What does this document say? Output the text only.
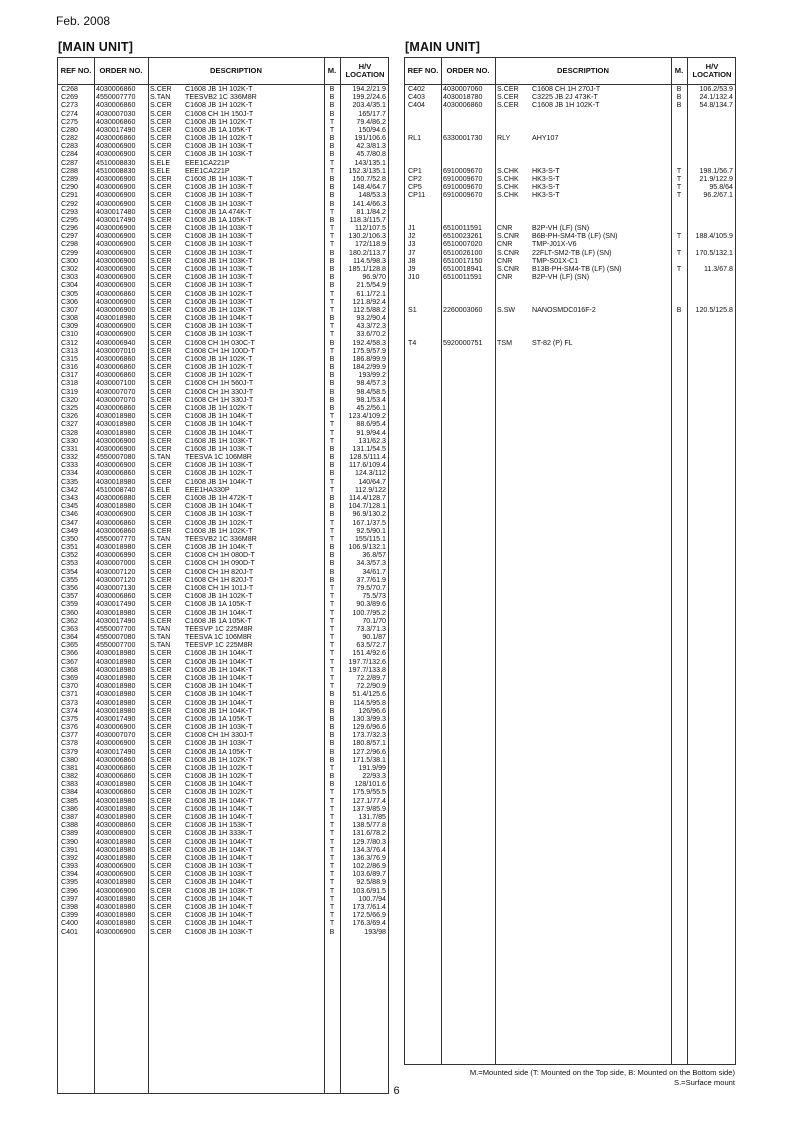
Feb. 2008
[MAIN UNIT]	[MAIN UNIT]
REF NO.	ORDER NO.	DESCRIPTION	M.	H/V LOCATION
C268	4030006860	S.CER	C1608 JB 1H 102K-T	B	194.2/21.9
C269	4550007770	S.TAN	TEESVB2 1C 336M8R	B	199.2/24.6
C273	4030006860	S.CER	C1608 JB 1H 102K-T	B	203.4/35.1
C274	4030007030	S.CER	C1608 CH 1H 150J-T	B	165/17.7
C275	4030006860	S.CER	C1608 JB 1H 102K-T	T	79.4/86.2
C280	4030017490	S.CER	C1608 JB 1A 105K-T	T	150/94.6
C282	4030006860	S.CER	C1608 JB 1H 102K-T	B	191/106.6
C283	4030006900	S.CER	C1608 JB 1H 103K-T	B	42.3/81.3
C284	4030006900	S.CER	C1608 JB 1H 103K-T	B	45.7/80.8
C287	4510008830	S.ELE	EEE1CA221P	T	143/135.1
C288	4510008830	S.ELE	EEE1CA221P	T	152.3/135.1
C289	4030006900	S.CER	C1608 JB 1H 103K-T	B	150.7/52.8
C290	4030006900	S.CER	C1608 JB 1H 103K-T	B	148.4/64.7
C291	4030006900	S.CER	C1608 JB 1H 103K-T	B	148/53.3
C292	4030006900	S.CER	C1608 JB 1H 103K-T	B	141.4/66.3
C293	4030017480	S.CER	C1608 JB 1A 474K-T	T	81.1/84.2
C295	4030017490	S.CER	C1608 JB 1A 105K-T	B	118.3/115.7
C296	4030006900	S.CER	C1608 JB 1H 103K-T	T	112/107.5
C297	4030006900	S.CER	C1608 JB 1H 103K-T	T	130.2/106.3
C298	4030006900	S.CER	C1608 JB 1H 103K-T	T	172/118.9
C299	4030006900	S.CER	C1608 JB 1H 103K-T	B	180.2/113.7
C300	4030006900	S.CER	C1608 JB 1H 103K-T	B	114.5/98.3
C302	4030006900	S.CER	C1608 JB 1H 103K-T	B	185.1/128.8
C303	4030006900	S.CER	C1608 JB 1H 103K-T	B	96.9/70
C304	4030006900	S.CER	C1608 JB 1H 103K-T	B	21.5/54.9
C305	4030006860	S.CER	C1608 JB 1H 102K-T	T	61.1/72.1
C306	4030006900	S.CER	C1608 JB 1H 103K-T	T	121.8/92.4
C307	4030006900	S.CER	C1608 JB 1H 103K-T	T	112.5/88.2
C308	4030018980	S.CER	C1608 JB 1H 104K-T	B	93.2/90.4
C309	4030006900	S.CER	C1608 JB 1H 103K-T	T	43.3/72.3
C310	4030006900	S.CER	C1608 JB 1H 103K-T	T	33.6/70.2
C312	4030006940	S.CER	C1608 CH 1H 030C-T	B	192.4/58.3
C313	4030007010	S.CER	C1608 CH 1H 100D-T	T	175.9/57.9
C315	4030006860	S.CER	C1608 JB 1H 102K-T	B	186.8/99.9
C316	4030006860	S.CER	C1608 JB 1H 102K-T	B	184.2/99.9
C317	4030006860	S.CER	C1608 JB 1H 102K-T	B	193/99.2
C318	4030007100	S.CER	C1608 CH 1H 560J-T	B	98.4/57.3
C319	4030007070	S.CER	C1608 CH 1H 330J-T	B	98.4/58.5
C320	4030007070	S.CER	C1608 CH 1H 330J-T	B	98.1/53.4
C325	4030006860	S.CER	C1608 JB 1H 102K-T	B	45.2/56.1
C326	4030018980	S.CER	C1608 JB 1H 104K-T	T	123.4/109.2
C327	4030018980	S.CER	C1608 JB 1H 104K-T	T	88.6/95.4
C328	4030018980	S.CER	C1608 JB 1H 104K-T	T	91.9/94.4
C330	4030006900	S.CER	C1608 JB 1H 103K-T	T	131/62.3
C331	4030006900	S.CER	C1608 JB 1H 103K-T	B	131.1/54.5
C332	4550007080	S.TAN	TEESVA 1C 106M8R	B	128.5/111.4
C333	4030006900	S.CER	C1608 JB 1H 103K-T	B	117.6/109.4
C334	4030006860	S.CER	C1608 JB 1H 102K-T	B	124.3/112
C335	4030018980	S.CER	C1608 JB 1H 104K-T	T	140/64.7
C342	4510008740	S.ELE	EEE1HA330P	T	112.9/122
C343	4030006880	S.CER	C1608 JB 1H 472K-T	B	114.4/128.7
C345	4030018980	S.CER	C1608 JB 1H 104K-T	B	104.7/128.1
C346	4030006900	S.CER	C1608 JB 1H 103K-T	B	96.9/130.2
C347	4030006860	S.CER	C1608 JB 1H 102K-T	T	167.1/37.5
C349	4030006860	S.CER	C1608 JB 1H 102K-T	T	92.5/90.1
C350	4550007770	S.TAN	TEESVB2 1C 336M8R	T	155/115.1
C351	4030018980	S.CER	C1608 JB 1H 104K-T	B	106.9/132.1
C352	4030006990	S.CER	C1608 CH 1H 080D-T	B	36.8/57
C353	4030007000	S.CER	C1608 CH 1H 090D-T	B	34.3/57.3
C354	4030007120	S.CER	C1608 CH 1H 820J-T	B	34/61.7
C355	4030007120	S.CER	C1608 CH 1H 820J-T	B	37.7/61.9
C356	4030007130	S.CER	C1608 CH 1H 101J-T	T	79.5/70.7
C357	4030006860	S.CER	C1608 JB 1H 102K-T	T	75.5/73
C359	4030017490	S.CER	C1608 JB 1A 105K-T	T	90.3/89.6
C360	4030018980	S.CER	C1608 JB 1H 104K-T	T	100.7/95.2
C362	4030017490	S.CER	C1608 JB 1A 105K-T	T	70.1/70
C363	4550007700	S.TAN	TEESVP 1C 225M8R	T	73.3/71.3
C364	4550007080	S.TAN	TEESVA 1C 106M8R	T	90.1/87
C365	4550007700	S.TAN	TEESVP 1C 225M8R	T	63.5/72.7
C366	4030018980	S.CER	C1608 JB 1H 104K-T	T	151.4/92.6
C367	4030018980	S.CER	C1608 JB 1H 104K-T	T	197.7/132.6
C368	4030018980	S.CER	C1608 JB 1H 104K-T	T	197.7/133.8
C369	4030018980	S.CER	C1608 JB 1H 104K-T	T	72.2/89.7
C370	4030018980	S.CER	C1608 JB 1H 104K-T	T	72.2/90.9
C371	4030018980	S.CER	C1608 JB 1H 104K-T	B	51.4/125.6
C373	4030018980	S.CER	C1608 JB 1H 104K-T	B	114.5/95.8
C374	4030018980	S.CER	C1608 JB 1H 104K-T	B	126/96.6
C375	4030017490	S.CER	C1608 JB 1A 105K-T	B	130.3/99.3
C376	4030006900	S.CER	C1608 JB 1H 103K-T	B	129.6/96.6
C377	4030007070	S.CER	C1608 CH 1H 330J-T	B	173.7/32.3
C378	4030006900	S.CER	C1608 JB 1H 103K-T	B	180.8/57.1
C379	4030017490	S.CER	C1608 JB 1A 105K-T	B	127.2/96.6
C380	4030006860	S.CER	C1608 JB 1H 102K-T	B	171.5/38.1
C381	4030006860	S.CER	C1608 JB 1H 102K-T	T	191.9/99
C382	4030006860	S.CER	C1608 JB 1H 102K-T	B	22/93.3
C383	4030018980	S.CER	C1608 JB 1H 104K-T	B	128/101.6
C384	4030006860	S.CER	C1608 JB 1H 102K-T	T	175.9/55.5
C385	4030018980	S.CER	C1608 JB 1H 104K-T	T	127.1/77.4
C386	4030018980	S.CER	C1608 JB 1H 104K-T	T	137.9/85.9
C387	4030018980	S.CER	C1608 JB 1H 104K-T	T	131.7/85
C388	4030008860	S.CER	C1608 JB 1H 153K-T	T	138.5/77.8
C389	4030008900	S.CER	C1608 JB 1H 333K-T	T	131.6/78.2
C390	4030018980	S.CER	C1608 JB 1H 104K-T	T	129.7/80.3
C391	4030018980	S.CER	C1608 JB 1H 104K-T	T	134.3/76.4
C392	4030018980	S.CER	C1608 JB 1H 104K-T	T	136.3/76.9
C393	4030006900	S.CER	C1608 JB 1H 103K-T	T	102.2/86.9
C394	4030006900	S.CER	C1608 JB 1H 103K-T	T	103.6/89.7
C395	4030018980	S.CER	C1608 JB 1H 104K-T	T	92.5/88.9
C396	4030006900	S.CER	C1608 JB 1H 103K-T	T	103.6/91.5
C397	4030018980	S.CER	C1608 JB 1H 104K-T	T	100.7/94
C398	4030018980	S.CER	C1608 JB 1H 104K-T	T	173.7/61.4
C399	4030018980	S.CER	C1608 JB 1H 104K-T	T	172.5/66.9
C400	4030018980	S.CER	C1608 JB 1H 104K-T	T	176.3/69.4
C401	4030006900	S.CER	C1608 JB 1H 103K-T	B	193/98
REF NO.	ORDER NO.	DESCRIPTION	M.	H/V LOCATION
C402	4030007060	S.CER	C1608 CH 1H 270J-T	B	106.2/53.9
C403	4030018780	S.CER	C3225 JB 2J 473K-T	B	24.1/132.4
C404	4030006860	S.CER	C1608 JB 1H 102K-T	B	54.8/134.7
RL1	6330001730	RLY	AHY107
CP1	6910009670	S.CHK	HK3-S-T	T	198.1/56.7
CP2	6910009670	S.CHK	HK3-S-T	T	21.9/122.9
CP5	6910009670	S.CHK	HK3-S-T	T	95.8/64
CP11	6910009670	S.CHK	HK3-S-T	T	96.2/67.1
J1	6510011591	CNR	B2P-VH (LF) (SN)
J2	6510023261	S.CNR	B6B-PH-SM4-TB (LF) (SN)	T	188.4/105.9
J3	6510007020	CNR	TMP-J01X-V6
J7	6510026100	S.CNR	22FLT-SM2-TB (LF) (SN)	T	170.5/132.1
J8	6510017150	CNR	TMP-S01X-C1
J9	6510018941	S.CNR	B13B-PH-SM4-TB (LF) (SN)	T	11.3/67.8
J10	6510011591	CNR	B2P-VH (LF) (SN)
S1	2260003060	S.SW	NANOSMDC016F-2	B	120.5/125.8
T4	5920000751	TSM	ST-82 (P) FL
M.=Mounted side (T: Mounted on the Top side, B: Mounted on the Bottom side)
S.=Surface mount
6
